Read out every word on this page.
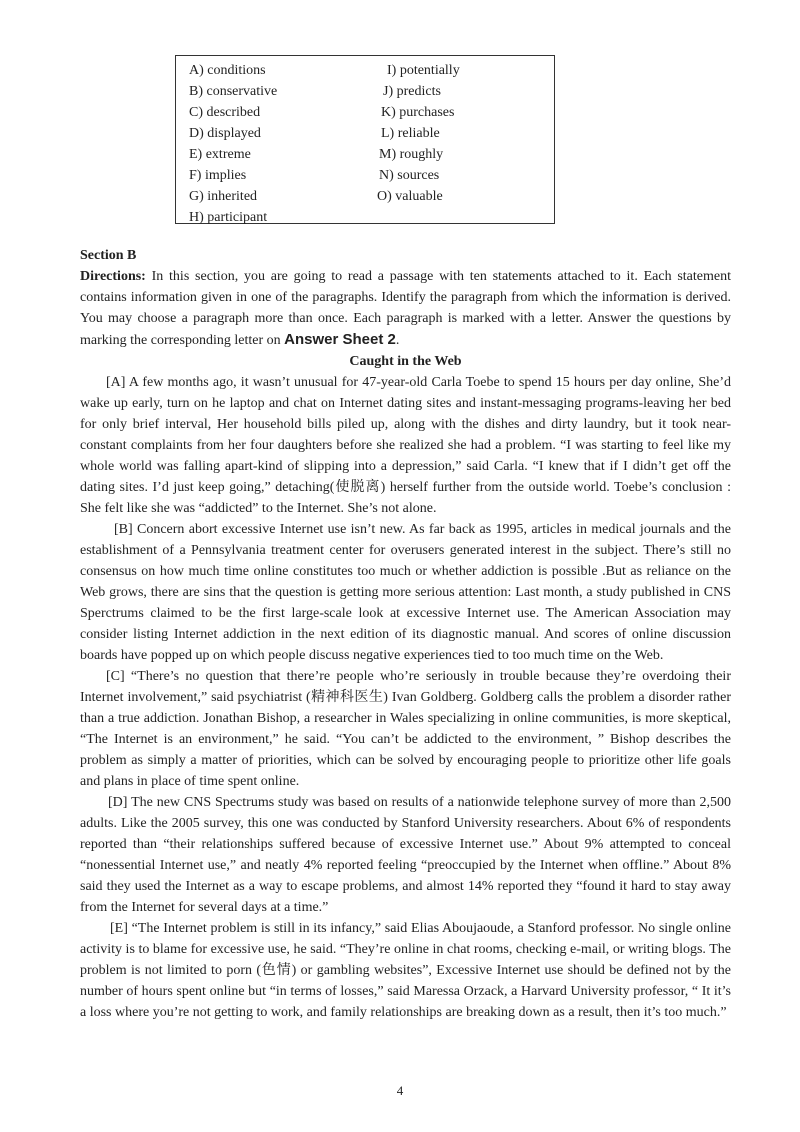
A) conditions
B) conservative
C) described
D) displayed
E) extreme
F) implies
G) inherited
H) participant
I) potentially
J) predicts
K) purchases
L) reliable
M) roughly
N) sources
O) valuable

Section B

Directions: In this section, you are going to read a passage with ten statements attached to it. Each statement contains information given in one of the paragraphs. Identify the paragraph from which the information is derived. You may choose a paragraph more than once. Each paragraph is marked with a letter. Answer the questions by marking the corresponding letter on Answer Sheet 2.

Caught in the Web

[A] A few months ago, it wasn’t unusual for 47-year-old Carla Toebe to spend 15 hours per day online, She’d wake up early, turn on he laptop and chat on Internet dating sites and instant-messaging programs-leaving her bed for only brief interval, Her household bills piled up, along with the dishes and dirty laundry, but it took near-constant complaints from her four daughters before she realized she had a problem. “I was starting to feel like my whole world was falling apart-kind of slipping into a depression,” said Carla. “I knew that if I didn’t get off the dating sites. I’d just keep going,” detaching(使脱离) herself further from the outside world. Toebe’s conclusion : She felt like she was “addicted” to the Internet. She’s not alone.

[B] Concern abort excessive Internet use isn’t new. As far back as 1995, articles in medical journals and the establishment of a Pennsylvania treatment center for overusers generated interest in the subject. There’s still no consensus on how much time online constitutes too much or whether addiction is possible .But as reliance on the Web grows, there are sins that the question is getting more serious attention: Last month, a study published in CNS Sperctrums claimed to be the first large-scale look at excessive Internet use. The American Association may consider listing Internet addiction in the next edition of its diagnostic manual. And scores of online discussion boards have popped up on which people discuss negative experiences tied to too much time on the Web.

[C] “There’s no question that there’re people who’re seriously in trouble because they’re overdoing their Internet involvement,” said psychiatrist (精神科医生) Ivan Goldberg. Goldberg calls the problem a disorder rather than a true addiction. Jonathan Bishop, a researcher in Wales specializing in online communities, is more skeptical, “The Internet is an environment,” he said. “You can’t be addicted to the environment, ” Bishop describes the problem as simply a matter of priorities, which can be solved by encouraging people to prioritize other life goals and plans in place of time spent online.

[D] The new CNS Spectrums study was based on results of a nationwide telephone survey of more than 2,500 adults. Like the 2005 survey, this one was conducted by Stanford University researchers. About 6% of respondents reported than “their relationships suffered because of excessive Internet use.” About 9% attempted to conceal “nonessential Internet use,” and neatly 4% reported feeling “preoccupied by the Internet when offline.” About 8% said they used the Internet as a way to escape problems, and almost 14% reported they “found it hard to stay away from the Internet for several days at a time.”

[E] “The Internet problem is still in its infancy,” said Elias Aboujaoude, a Stanford professor. No single online activity is to blame for excessive use, he said. “They’re online in chat rooms, checking e-mail, or writing blogs. The problem is not limited to porn (色情) or gambling websites”, Excessive Internet use should be defined not by the number of hours spent online but “in terms of losses,” said Maressa Orzack, a Harvard University professor, “ It it’s a loss where you’re not getting to work, and family relationships are breaking down as a result, then it’s too much.”

4
